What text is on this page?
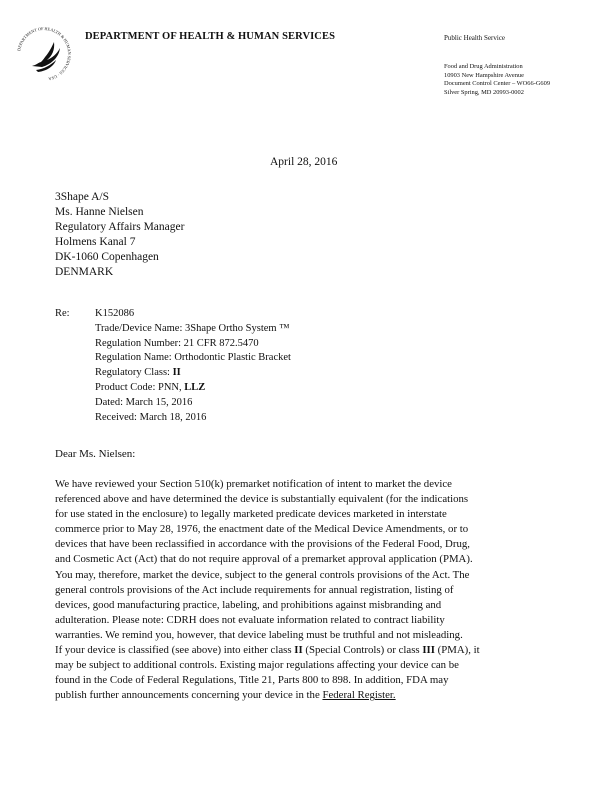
DEPARTMENT OF HEALTH & HUMAN SERVICES · USA
DEPARTMENT OF HEALTH & HUMAN SERVICES	Public Health Service
Food and Drug Administration
10903 New Hampshire Avenue
Document Control Center – WO66-G609
Silver Spring, MD 20993-0002
April 28, 2016
3Shape A/S
Ms. Hanne Nielsen
Regulatory Affairs Manager
Holmens Kanal 7
DK-1060 Copenhagen
DENMARK
Re:	K152086
Trade/Device Name: 3Shape Ortho System ™
Regulation Number: 21 CFR 872.5470
Regulation Name: Orthodontic Plastic Bracket
Regulatory Class: II
Product Code: PNN, LLZ
Dated: March 15, 2016
Received: March 18, 2016
Dear Ms. Nielsen:
We have reviewed your Section 510(k) premarket notification of intent to market the device
referenced above and have determined the device is substantially equivalent (for the indications
for use stated in the enclosure) to legally marketed predicate devices marketed in interstate
commerce prior to May 28, 1976, the enactment date of the Medical Device Amendments, or to
devices that have been reclassified in accordance with the provisions of the Federal Food, Drug,
and Cosmetic Act (Act) that do not require approval of a premarket approval application (PMA).
You may, therefore, market the device, subject to the general controls provisions of the Act. The
general controls provisions of the Act include requirements for annual registration, listing of
devices, good manufacturing practice, labeling, and prohibitions against misbranding and
adulteration. Please note: CDRH does not evaluate information related to contract liability
warranties. We remind you, however, that device labeling must be truthful and not misleading.
If your device is classified (see above) into either class II (Special Controls) or class III (PMA), it
may be subject to additional controls. Existing major regulations affecting your device can be
found in the Code of Federal Regulations, Title 21, Parts 800 to 898. In addition, FDA may
publish further announcements concerning your device in the Federal Register.
